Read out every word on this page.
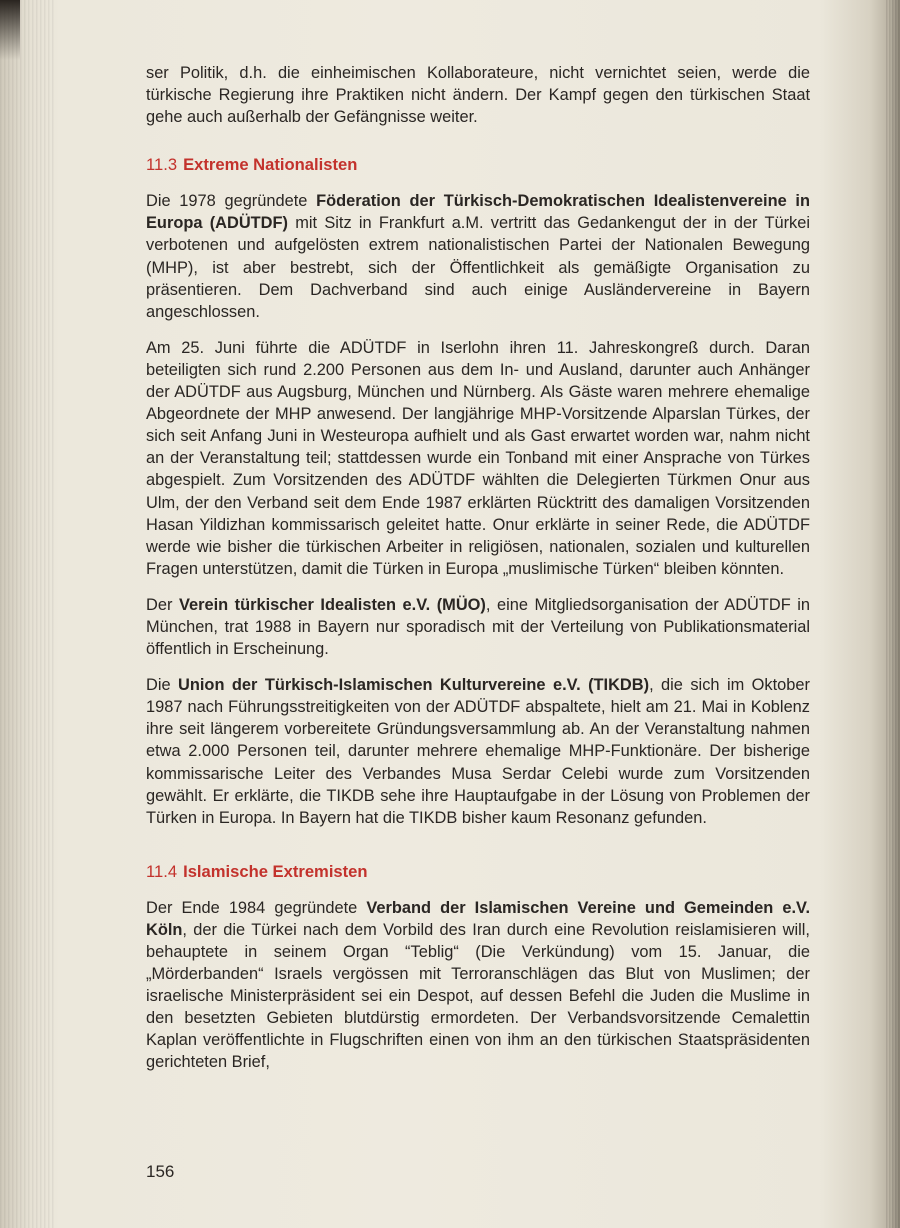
ser Politik, d.h. die einheimischen Kollaborateure, nicht vernichtet seien, werde die türkische Regierung ihre Praktiken nicht ändern. Der Kampf gegen den türkischen Staat gehe auch außerhalb der Gefängnisse weiter.

11.3 Extreme Nationalisten

Die 1978 gegründete Föderation der Türkisch-Demokratischen Idealistenvereine in Europa (ADÜTDF) mit Sitz in Frankfurt a.M. vertritt das Gedankengut der in der Türkei verbotenen und aufgelösten extrem nationalistischen Partei der Nationalen Bewegung (MHP), ist aber bestrebt, sich der Öffentlichkeit als gemäßigte Organisation zu präsentieren. Dem Dachverband sind auch einige Ausländervereine in Bayern angeschlossen.

Am 25. Juni führte die ADÜTDF in Iserlohn ihren 11. Jahreskongreß durch. Daran beteiligten sich rund 2.200 Personen aus dem In- und Ausland, darunter auch Anhänger der ADÜTDF aus Augsburg, München und Nürnberg. Als Gäste waren mehrere ehemalige Abgeordnete der MHP anwesend. Der langjährige MHP-Vorsitzende Alparslan Türkes, der sich seit Anfang Juni in Westeuropa aufhielt und als Gast erwartet worden war, nahm nicht an der Veranstaltung teil; stattdessen wurde ein Tonband mit einer Ansprache von Türkes abgespielt. Zum Vorsitzenden des ADÜTDF wählten die Delegierten Türkmen Onur aus Ulm, der den Verband seit dem Ende 1987 erklärten Rücktritt des damaligen Vorsitzenden Hasan Yildizhan kommissarisch geleitet hatte. Onur erklärte in seiner Rede, die ADÜTDF werde wie bisher die türkischen Arbeiter in religiösen, nationalen, sozialen und kulturellen Fragen unterstützen, damit die Türken in Europa „muslimische Türken“ bleiben könnten.

Der Verein türkischer Idealisten e.V. (MÜO), eine Mitgliedsorganisation der ADÜTDF in München, trat 1988 in Bayern nur sporadisch mit der Verteilung von Publikationsmaterial öffentlich in Erscheinung.

Die Union der Türkisch-Islamischen Kulturvereine e.V. (TIKDB), die sich im Oktober 1987 nach Führungsstreitigkeiten von der ADÜTDF abspaltete, hielt am 21. Mai in Koblenz ihre seit längerem vorbereitete Gründungsversammlung ab. An der Veranstaltung nahmen etwa 2.000 Personen teil, darunter mehrere ehemalige MHP-Funktionäre. Der bisherige kommissarische Leiter des Verbandes Musa Serdar Celebi wurde zum Vorsitzenden gewählt. Er erklärte, die TIKDB sehe ihre Hauptaufgabe in der Lösung von Problemen der Türken in Europa. In Bayern hat die TIKDB bisher kaum Resonanz gefunden.

11.4 Islamische Extremisten

Der Ende 1984 gegründete Verband der Islamischen Vereine und Gemeinden e.V. Köln, der die Türkei nach dem Vorbild des Iran durch eine Revolution reislamisieren will, behauptete in seinem Organ “Teblig“ (Die Verkündung) vom 15. Januar, die „Mörderbanden“ Israels vergössen mit Terroranschlägen das Blut von Muslimen; der israelische Ministerpräsident sei ein Despot, auf dessen Befehl die Juden die Muslime in den besetzten Gebieten blutdürstig ermordeten. Der Verbandsvorsitzende Cemalettin Kaplan veröffentlichte in Flugschriften einen von ihm an den türkischen Staatspräsidenten gerichteten Brief,

156
